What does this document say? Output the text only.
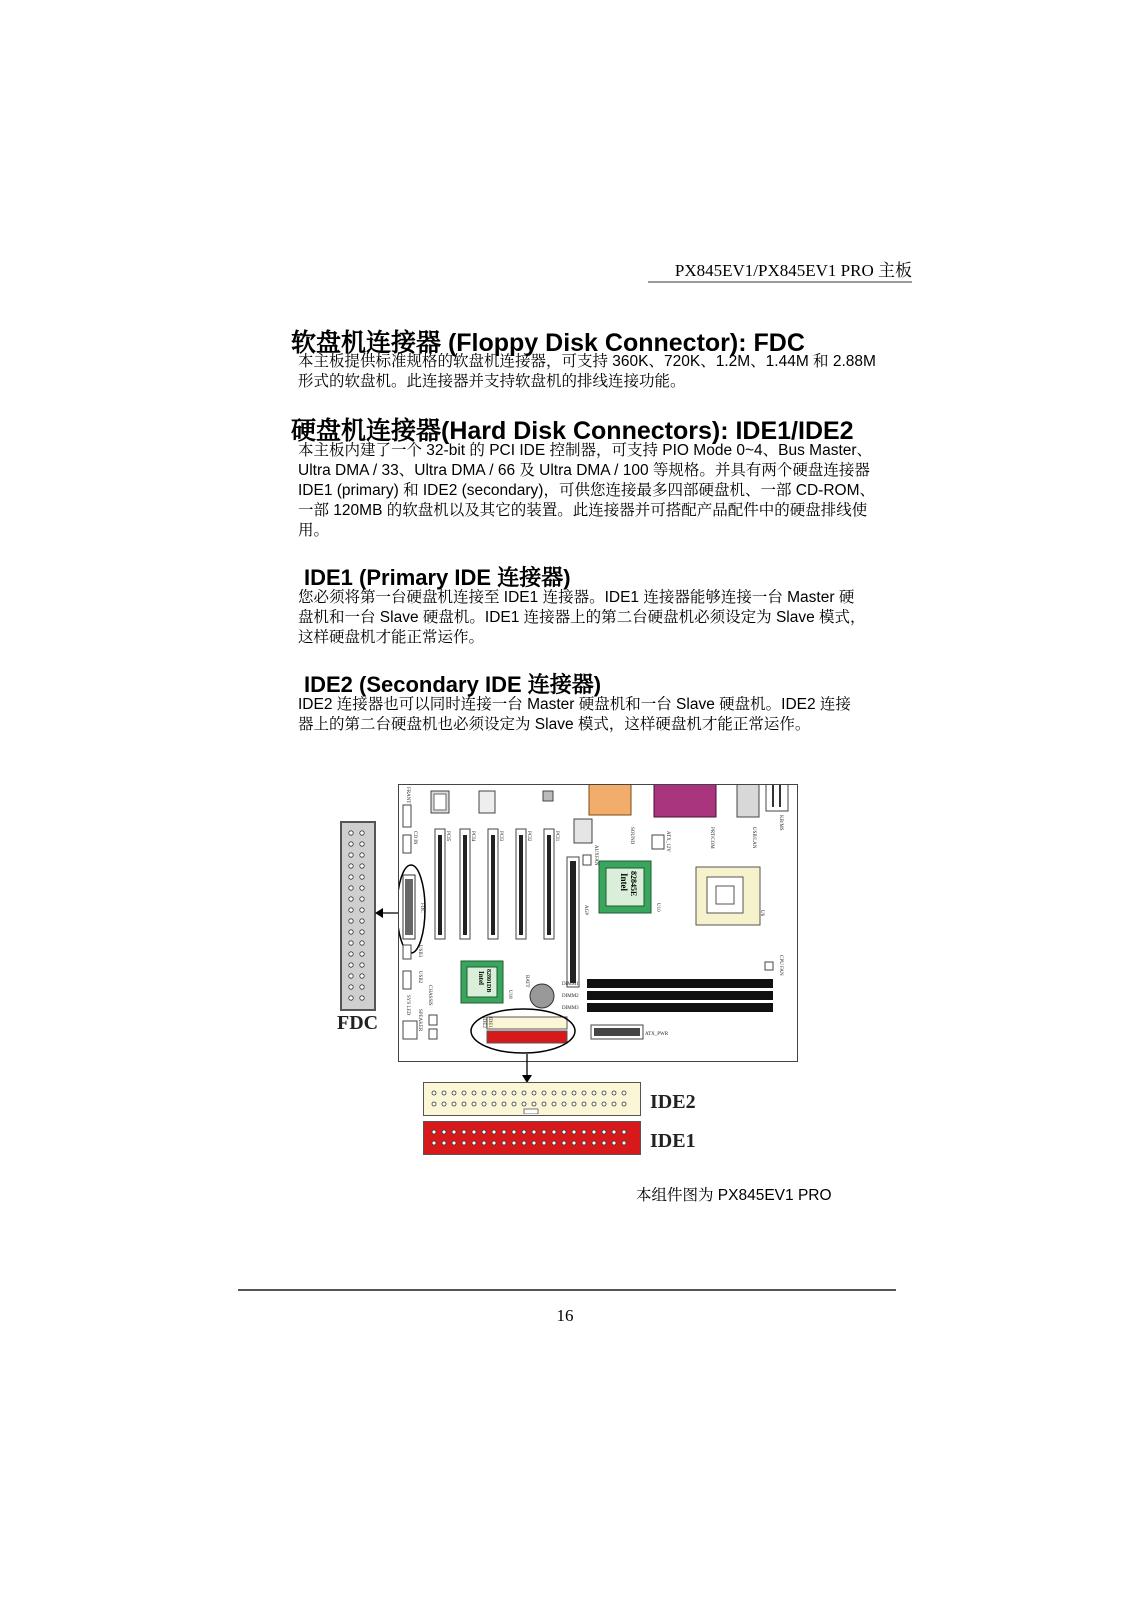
PX845EV1/PX845EV1 PRO 主板
软盘机连接器 (Floppy Disk Connector): FDC
本主板提供标准规格的软盘机连接器，可支持 360K、720K、1.2M、1.44M 和 2.88M
形式的软盘机。此连接器并支持软盘机的排线连接功能。
硬盘机连接器(Hard Disk Connectors): IDE1/IDE2
本主板内建了一个 32-bit 的 PCI IDE 控制器，可支持 PIO Mode 0~4、Bus Master、
Ultra DMA / 33、Ultra DMA / 66 及 Ultra DMA / 100 等规格。并具有两个硬盘连接器
IDE1 (primary) 和 IDE2 (secondary)，可供您连接最多四部硬盘机、一部 CD-ROM、
一部 120MB 的软盘机以及其它的装置。此连接器并可搭配产品配件中的硬盘排线使
用。
IDE1 (Primary IDE 连接器)
您必须将第一台硬盘机连接至 IDE1 连接器。IDE1 连接器能够连接一台 Master 硬
盘机和一台 Slave 硬盘机。IDE1 连接器上的第二台硬盘机必须设定为 Slave 模式，
这样硬盘机才能正常运作。
IDE2 (Secondary IDE 连接器)
IDE2 连接器也可以同时连接一台 Master 硬盘机和一台 Slave 硬盘机。IDE2 连接
器上的第二台硬盘机也必须设定为 Slave 模式，这样硬盘机才能正常运作。
FDC
SOUND	PRT/COM	USB/LAN
KB/MS
CD IN	PCI5	PCI4	PCI3	PCI2	PCI1
AGP
AUXFAN
ATX_12V
Intel 82845E
U10
U6
CPU FAN
DIMM1
DIMM2
DIMM3
BATT
Intel 82801DB
U18
FDC
USB3
USB2
CHASSIS
SPEAKER
SYS LED
IDE2 IDE1
ATX_PWR
IDE2
IDE1
本组件图为 PX845EV1 PRO
16
